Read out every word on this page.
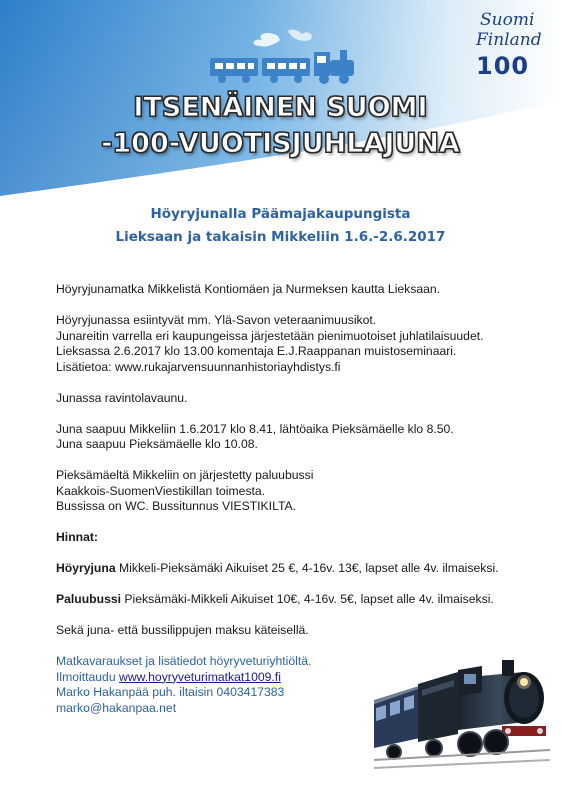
Suomi
Finland
100
ITSENÄINEN SUOMI
-100-VUOTISJUHLAJUNA
Höyryjunalla Päämajakaupungista
Lieksaan ja takaisin Mikkeliin 1.6.-2.6.2017

Höyryjunamatka Mikkelistä Kontiomäen ja Nurmeksen kautta Lieksaan.

Höyryjunassa esiintyvät mm. Ylä-Savon veteraanimuusikot.

Junareitin varrella eri kaupungeissa järjestetään pienimuotoiset juhlatilaisuudet.

Lieksassa 2.6.2017 klo 13.00 komentaja E.J.Raappanan muistoseminaari.

Lisätietoa: www.rukajarvensuunnanhistoriayhdistys.fi

Junassa ravintolavaunu.

Juna saapuu Mikkeliin 1.6.2017 klo 8.41, lähtöaika Pieksämäelle klo 8.50.

Juna saapuu Pieksämäelle klo 10.08.

Pieksämäeltä Mikkeliin on järjestetty paluubussi

Kaakkois-SuomenViestikillan toimesta.

Bussissa on WC. Bussitunnus VIESTIKILTA.

Hinnat:

Höyryjuna Mikkeli-Pieksämäki Aikuiset 25 €, 4-16v. 13€, lapset alle 4v. ilmaiseksi.

Paluubussi Pieksämäki-Mikkeli Aikuiset 10€, 4-16v. 5€, lapset alle 4v. ilmaiseksi.

Sekä juna- että bussilippujen maksu käteisellä.

Matkavaraukset ja lisätiedot höyryveturiyhtiöltä.

Ilmoittaudu www.hoyryveturimatkat1009.fi

Marko Hakanpää puh. iltaisin 0403417383

marko@hakanpaa.net
